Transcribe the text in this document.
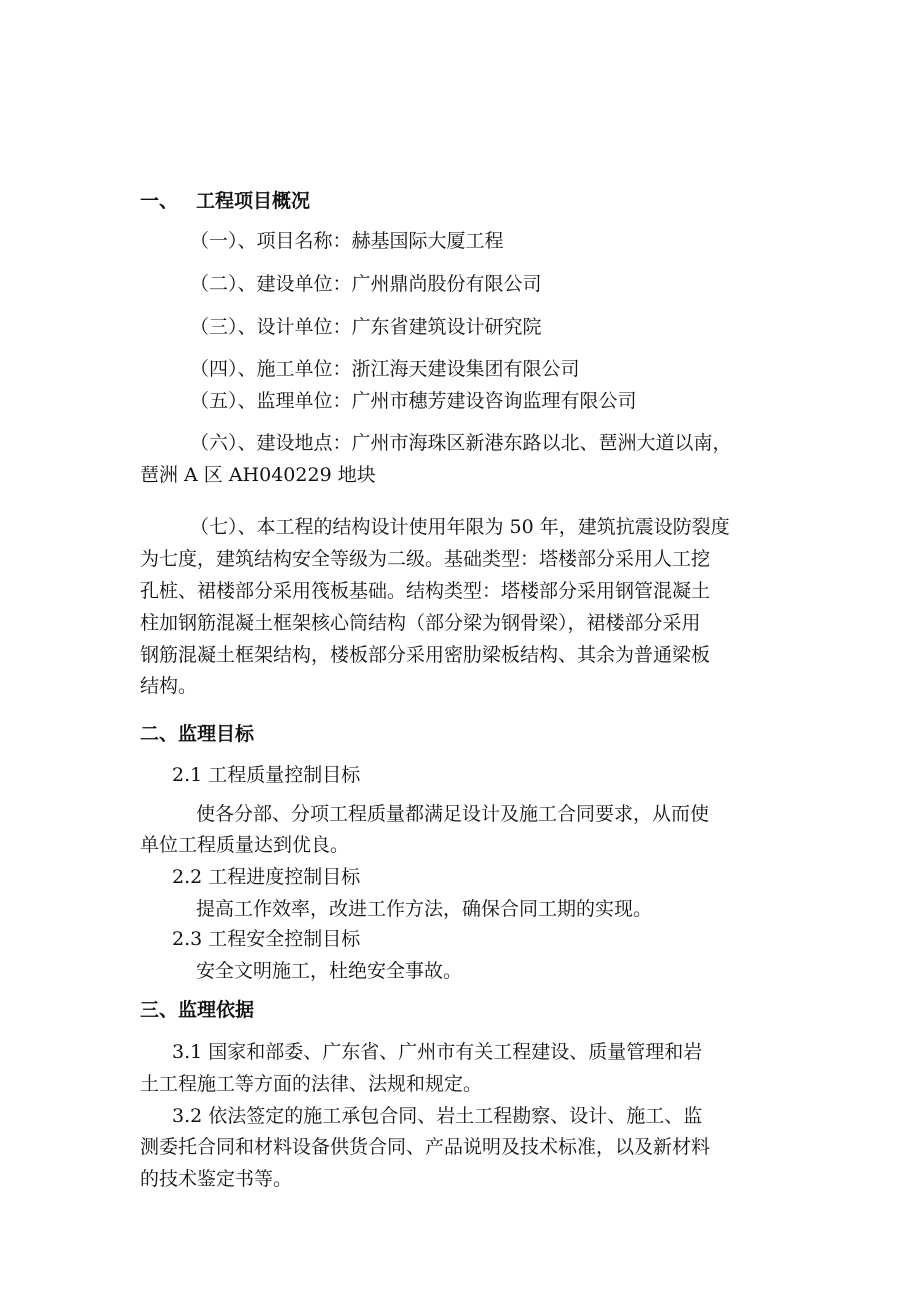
一、 工程项目概况
（一）、项目名称：赫基国际大厦工程
（二）、建设单位：广州鼎尚股份有限公司
（三）、设计单位：广东省建筑设计研究院
（四）、施工单位：浙江海天建设集团有限公司
（五）、监理单位：广州市穗芳建设咨询监理有限公司
（六）、建设地点：广州市海珠区新港东路以北、琶洲大道以南，
琶洲 A 区 AH040229 地块
（七）、本工程的结构设计使用年限为 50 年，建筑抗震设防裂度
为七度，建筑结构安全等级为二级。基础类型：塔楼部分采用人工挖
孔桩、裙楼部分采用筏板基础。结构类型：塔楼部分采用钢管混凝土
柱加钢筋混凝土框架核心筒结构（部分梁为钢骨梁），裙楼部分采用
钢筋混凝土框架结构，楼板部分采用密肋梁板结构、其余为普通梁板
结构。
二、监理目标
2.1 工程质量控制目标
使各分部、分项工程质量都满足设计及施工合同要求，从而使
单位工程质量达到优良。
2.2 工程进度控制目标
提高工作效率，改进工作方法，确保合同工期的实现。
2.3 工程安全控制目标
安全文明施工，杜绝安全事故。
三、监理依据
3.1 国家和部委、广东省、广州市有关工程建设、质量管理和岩
土工程施工等方面的法律、法规和规定。
3.2 依法签定的施工承包合同、岩土工程勘察、设计、施工、监
测委托合同和材料设备供货合同、产品说明及技术标准，以及新材料
的技术鉴定书等。
